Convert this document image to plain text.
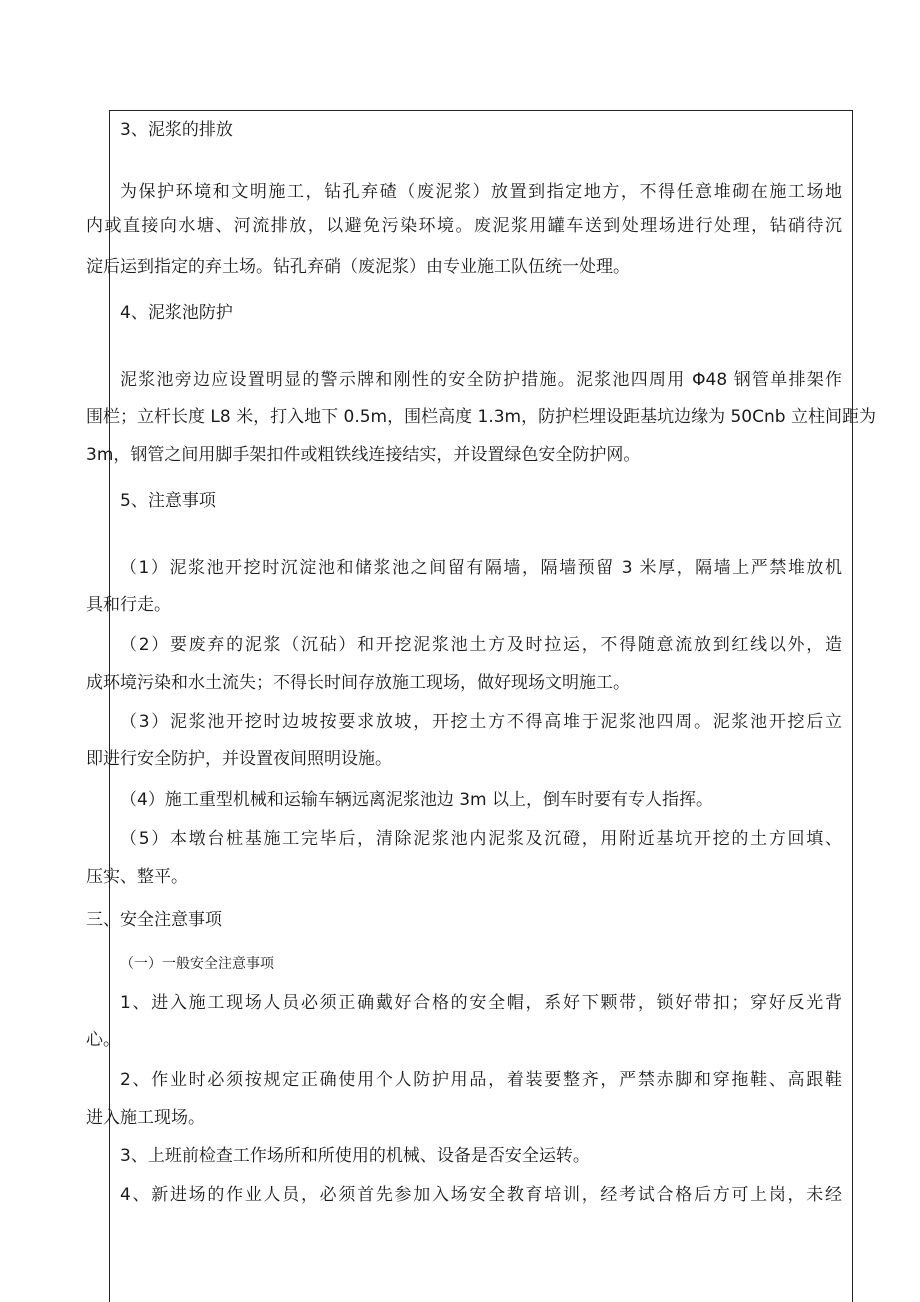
3、泥浆的排放
为保护环境和文明施工，钻孔弃碴（废泥浆）放置到指定地方，不得任意堆砌在施工场地
内或直接向水塘、河流排放，以避免污染环境。废泥浆用罐车送到处理场进行处理，钻硝待沉
淀后运到指定的弃土场。钻孔弃硝（废泥浆）由专业施工队伍统一处理。
4、泥浆池防护
泥浆池旁边应设置明显的警示牌和刚性的安全防护措施。泥浆池四周用 Φ48 钢管单排架作
围栏；立杆长度 L8 米，打入地下 0.5m，围栏高度 1.3m，防护栏埋设距基坑边缘为 50Cnb 立柱间距为
3m，钢管之间用脚手架扣件或粗铁线连接结实，并设置绿色安全防护网。
5、注意事项
（1）泥浆池开挖时沉淀池和储浆池之间留有隔墙，隔墙预留 3 米厚，隔墙上严禁堆放机
具和行走。
（2）要废弃的泥浆（沉砧）和开挖泥浆池土方及时拉运，不得随意流放到红线以外，造
成环境污染和水土流失；不得长时间存放施工现场，做好现场文明施工。
（3）泥浆池开挖时边坡按要求放坡，开挖土方不得高堆于泥浆池四周。泥浆池开挖后立
即进行安全防护，并设置夜间照明设施。
（4）施工重型机械和运输车辆远离泥浆池边 3m 以上，倒车时要有专人指挥。
（5）本墩台桩基施工完毕后，清除泥浆池内泥浆及沉磴，用附近基坑开挖的土方回填、
压实、整平。
三、安全注意事项
（一）一般安全注意事项
1、进入施工现场人员必须正确戴好合格的安全帽，系好下颗带，锁好带扣；穿好反光背
心。
2、作业时必须按规定正确使用个人防护用品，着装要整齐，严禁赤脚和穿拖鞋、高跟鞋
进入施工现场。
3、上班前检查工作场所和所使用的机械、设备是否安全运转。
4、新进场的作业人员，必须首先参加入场安全教育培训，经考试合格后方可上岗，未经
